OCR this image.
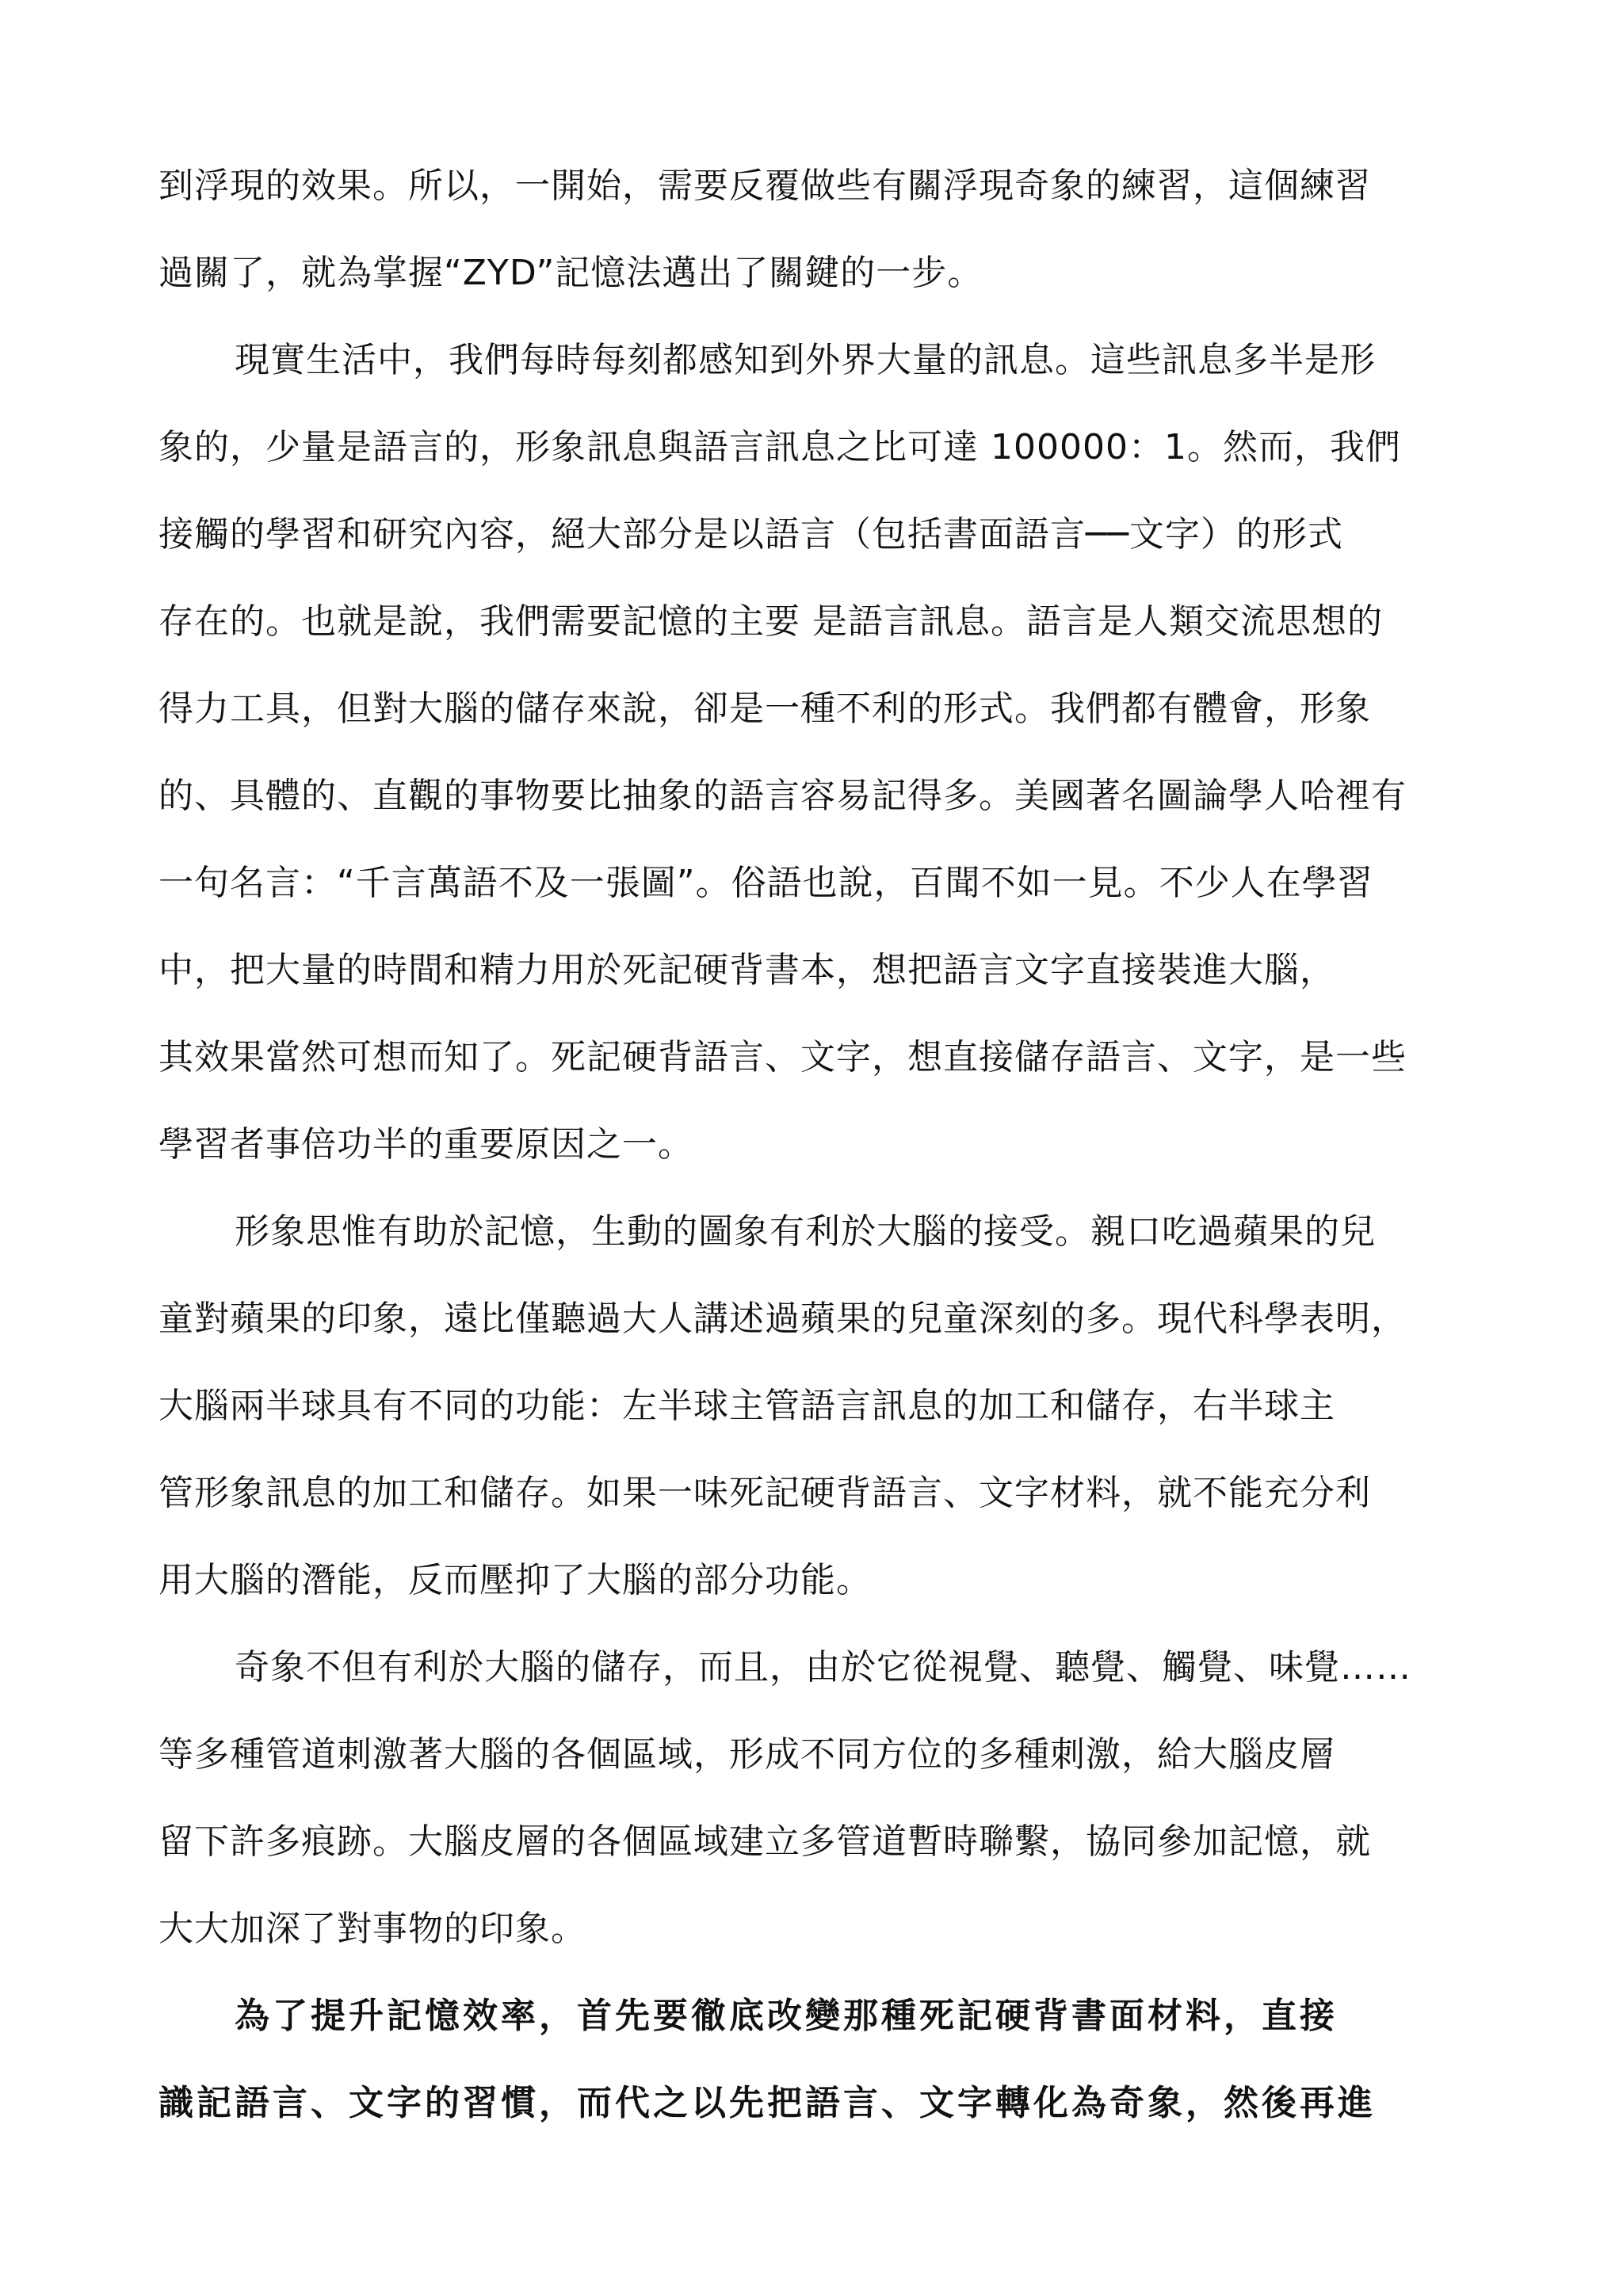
到浮現的效果。所以，一開始，需要反覆做些有關浮現奇象的練習，這個練習
過關了，就為掌握“ZYD”記憶法邁出了關鍵的一步。
現實生活中，我們每時每刻都感知到外界大量的訊息。這些訊息多半是形
象的，少量是語言的，形象訊息與語言訊息之比可達 100000：1。然而，我們
接觸的學習和研究內容，絕大部分是以語言（包括書面語言──文字）的形式
存在的。也就是說，我們需要記憶的主要 是語言訊息。語言是人類交流思想的
得力工具，但對大腦的儲存來說，卻是一種不利的形式。我們都有體會，形象
的、具體的、直觀的事物要比抽象的語言容易記得多。美國著名圖論學人哈裡有
一句名言：“千言萬語不及一張圖”。俗語也說，百聞不如一見。不少人在學習
中，把大量的時間和精力用於死記硬背書本，想把語言文字直接裝進大腦，
其效果當然可想而知了。死記硬背語言、文字，想直接儲存語言、文字，是一些
學習者事倍功半的重要原因之一。
形象思惟有助於記憶，生動的圖象有利於大腦的接受。親口吃過蘋果的兒
童對蘋果的印象，遠比僅聽過大人講述過蘋果的兒童深刻的多。現代科學表明，
大腦兩半球具有不同的功能：左半球主管語言訊息的加工和儲存，右半球主
管形象訊息的加工和儲存。如果一味死記硬背語言、文字材料，就不能充分利
用大腦的潛能，反而壓抑了大腦的部分功能。
奇象不但有利於大腦的儲存，而且，由於它從視覺、聽覺、觸覺、味覺……
等多種管道刺激著大腦的各個區域，形成不同方位的多種刺激，給大腦皮層
留下許多痕跡。大腦皮層的各個區域建立多管道暫時聯繫，協同參加記憶，就
大大加深了對事物的印象。
為了提升記憶效率，首先要徹底改變那種死記硬背書面材料，直接
識記語言、文字的習慣，而代之以先把語言、文字轉化為奇象，然後再進
